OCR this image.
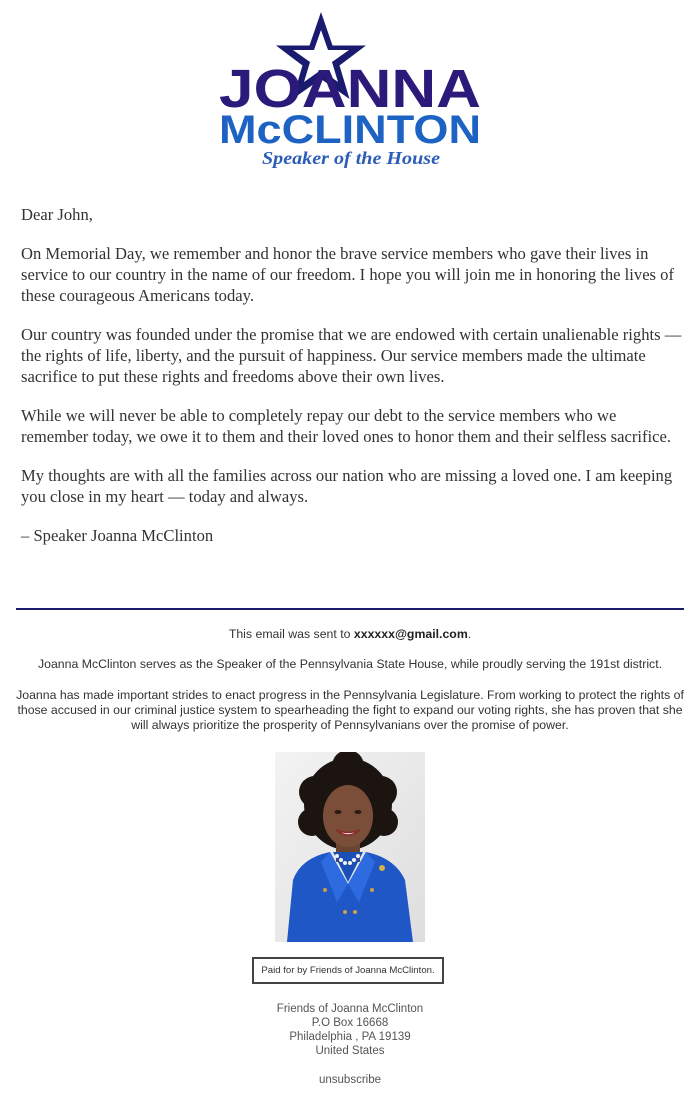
JOANNA
McCLINTON
Speaker of the House

Dear John,

On Memorial Day, we remember and honor the brave service members who gave their lives in service to our country in the name of our freedom. I hope you will join me in honoring the lives of these courageous Americans today.

Our country was founded under the promise that we are endowed with certain unalienable rights — the rights of life, liberty, and the pursuit of happiness. Our service members made the ultimate sacrifice to put these rights and freedoms above their own lives.

While we will never be able to completely repay our debt to the service members who we remember today, we owe it to them and their loved ones to honor them and their selfless sacrifice.

My thoughts are with all the families across our nation who are missing a loved one. I am keeping you close in my heart — today and always.

– Speaker Joanna McClinton

This email was sent to xxxxxx@gmail.com.

Joanna McClinton serves as the Speaker of the Pennsylvania State House, while proudly serving the 191st district.

Joanna has made important strides to enact progress in the Pennsylvania Legislature. From working to protect the rights of those accused in our criminal justice system to spearheading the fight to expand our voting rights, she has proven that she will always prioritize the prosperity of Pennsylvanians over the promise of power.

Paid for by Friends of Joanna McClinton.
Friends of Joanna McClinton
P.O Box 16668
Philadelphia , PA 19139
United States
unsubscribe
